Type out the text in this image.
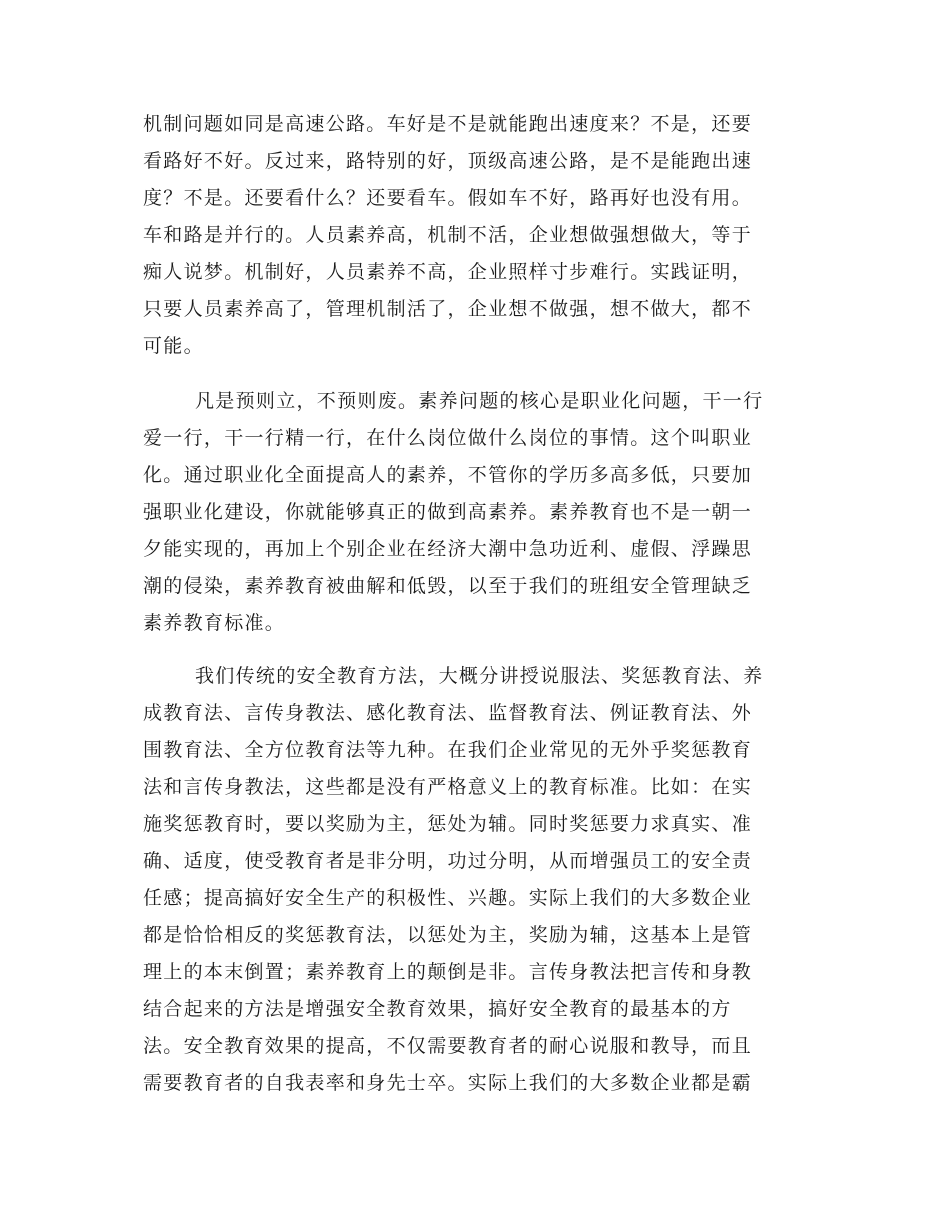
机制问题如同是高速公路。车好是不是就能跑出速度来？不是，还要
看路好不好。反过来，路特别的好，顶级高速公路，是不是能跑出速
度？不是。还要看什么？还要看车。假如车不好，路再好也没有用。
车和路是并行的。人员素养高，机制不活，企业想做强想做大，等于
痴人说梦。机制好，人员素养不高，企业照样寸步难行。实践证明，
只要人员素养高了，管理机制活了，企业想不做强，想不做大，都不
可能。
凡是预则立，不预则废。素养问题的核心是职业化问题，干一行
爱一行，干一行精一行，在什么岗位做什么岗位的事情。这个叫职业
化。通过职业化全面提高人的素养，不管你的学历多高多低，只要加
强职业化建设，你就能够真正的做到高素养。素养教育也不是一朝一
夕能实现的，再加上个别企业在经济大潮中急功近利、虚假、浮躁思
潮的侵染，素养教育被曲解和低毁，以至于我们的班组安全管理缺乏
素养教育标准。
我们传统的安全教育方法，大概分讲授说服法、奖惩教育法、养
成教育法、言传身教法、感化教育法、监督教育法、例证教育法、外
围教育法、全方位教育法等九种。在我们企业常见的无外乎奖惩教育
法和言传身教法，这些都是没有严格意义上的教育标准。比如：在实
施奖惩教育时，要以奖励为主，惩处为辅。同时奖惩要力求真实、准
确、适度，使受教育者是非分明，功过分明，从而增强员工的安全责
任感；提高搞好安全生产的积极性、兴趣。实际上我们的大多数企业
都是恰恰相反的奖惩教育法，以惩处为主，奖励为辅，这基本上是管
理上的本末倒置；素养教育上的颠倒是非。言传身教法把言传和身教
结合起来的方法是增强安全教育效果，搞好安全教育的最基本的方
法。安全教育效果的提高，不仅需要教育者的耐心说服和教导，而且
需要教育者的自我表率和身先士卒。实际上我们的大多数企业都是霸
